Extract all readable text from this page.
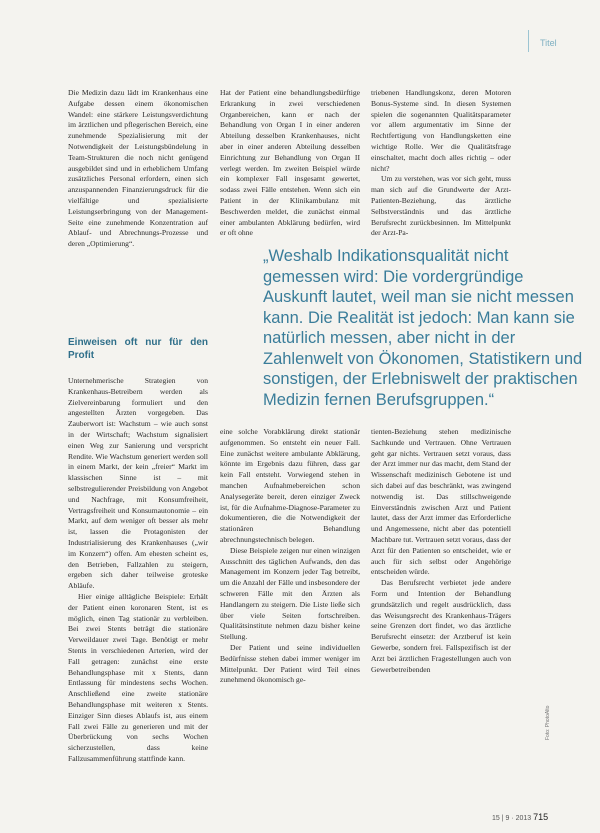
Titel

Die Medizin dazu lädt im Krankenhaus eine Aufgabe dessen einem ökonomischen Wandel: eine stärkere Leistungsverdichtung im ärztlichen und pflegerischen Bereich, eine zunehmende Spezialisierung mit der Notwendigkeit der Leistungsbündelung in Team-Strukturen die noch nicht genügend ausgebildet sind und in erheblichem Umfang zusätzliches Personal erfordern, einen sich anzuspannenden Finanzierungsdruck für die vielfältige und spezialisierte Leistungserbringung von der Management-Seite eine zunehmende Konzentration auf Ablauf- und Abrechnungs-Prozesse und deren „Optimierung“.

Einweisen oft nur für den Profit

Unternehmerische Strategien von Krankenhaus-Betreibern werden als Zielvereinbarung formuliert und den angestellten Ärzten vorgegeben. Das Zauberwort ist: Wachstum – wie auch sonst in der Wirtschaft; Wachstum signalisiert einen Weg zur Sanierung und verspricht Rendite. Wie Wachstum generiert werden soll in einem Markt, der kein „freier“ Markt im klassischen Sinne ist – mit selbstregulierender Preisbildung von Angebot und Nachfrage, mit Konsumfreiheit, Vertragsfreiheit und Konsumautonomie – ein Markt, auf dem weniger oft besser als mehr ist, lassen die Protagonisten der Industrialisierung des Krankenhauses („wir im Konzern“) offen. Am ehesten scheint es, den Betrieben, Fallzahlen zu steigern, ergeben sich daher teilweise groteske Abläufe.

Hier einige alltägliche Beispiele: Erhält der Patient einen koronaren Stent, ist es möglich, einen Tag stationär zu verbleiben. Bei zwei Stents beträgt die stationäre Verweildauer zwei Tage. Benötigt er mehr Stents in verschiedenen Arterien, wird der Fall getragen: zunächst eine erste Behandlungsphase mit x Stents, dann Entlassung für mindestens sechs Wochen. Anschließend eine zweite stationäre Behandlungsphase mit weiteren x Stents. Einziger Sinn dieses Ablaufs ist, aus einem Fall zwei Fälle zu generieren und mit der Überbrückung von sechs Wochen sicherzustellen, dass keine Fallzusammenführung stattfinde kann.

Hat der Patient eine behandlungsbedürftige Erkrankung in zwei verschiedenen Organbereichen, kann er nach der Behandlung von Organ I in einer anderen Abteilung desselben Krankenhauses, nicht aber in einer anderen Abteilung desselben Einrichtung zur Behandlung von Organ II verlegt werden. Im zweiten Beispiel würde ein komplexer Fall insgesamt gewertet, sodass zwei Fälle entstehen. Wenn sich ein Patient in der Klinikambulanz mit Beschwerden meldet, die zunächst einmal einer ambulanten Abklärung bedürfen, wird er oft ohne

triebenen Handlungskonz, deren Motoren Bonus-Systeme sind. In diesen Systemen spielen die sogenannten Qualitätsparameter vor allem argumentativ im Sinne der Rechtfertigung von Handlungsketten eine wichtige Rolle. Wer die Qualitätsfrage einschaltet, macht doch alles richtig – oder nicht?

Um zu verstehen, was vor sich geht, muss man sich auf die Grundwerte der Arzt-Patienten-Beziehung, das ärztliche Selbstverständnis und das ärztliche Berufsrecht zurückbesinnen. Im Mittelpunkt der Arzt-Pa-

„Weshalb Indikationsqualität nicht gemessen wird: Die vordergründige Auskunft lautet, weil man sie nicht messen kann. Die Realität ist jedoch: Man kann sie natürlich messen, aber nicht in der Zahlenwelt von Ökonomen, Statistikern und sonstigen, der Erlebniswelt der praktischen Medizin fernen Berufsgruppen.“

eine solche Vorabklärung direkt stationär aufgenommen. So entsteht ein neuer Fall. Eine zunächst weitere ambulante Abklärung, könnte im Ergebnis dazu führen, dass gar kein Fall entsteht. Vorwiegend stehen in manchen Aufnahmebereichen schon Analysegeräte bereit, deren einziger Zweck ist, für die Aufnahme-Diagnose-Parameter zu dokumentieren, die die Notwendigkeit der stationären Behandlung abrechnungstechnisch belegen.

Diese Beispiele zeigen nur einen winzigen Ausschnitt des täglichen Aufwands, den das Management im Konzern jeder Tag betreibt, um die Anzahl der Fälle und insbesondere der schweren Fälle mit den Ärzten als Handlangern zu steigern. Die Liste ließe sich über viele Seiten fortschreiben. Qualitätsinstitute nehmen dazu bisher keine Stellung.

Der Patient und seine individuellen Bedürfnisse stehen dabei immer weniger im Mittelpunkt. Der Patient wird Teil eines zunehmend ökonomisch ge-

tienten-Beziehung stehen medizinische Sachkunde und Vertrauen. Ohne Vertrauen geht gar nichts. Vertrauen setzt voraus, dass der Arzt immer nur das macht, dem Stand der Wissenschaft medizinisch Gebotene ist und sich dabei auf das beschränkt, was zwingend notwendig ist. Das stillschweigende Einverständnis zwischen Arzt und Patient lautet, dass der Arzt immer das Erforderliche und Angemessene, nicht aber das potentiell Machbare tut. Vertrauen setzt voraus, dass der Arzt für den Patienten so entscheidet, wie er auch für sich selbst oder Angehörige entscheiden würde.

Das Berufsrecht verbietet jede andere Form und Intention der Behandlung grundsätzlich und regelt ausdrücklich, dass das Weisungsrecht des Krankenhaus-Trägers seine Grenzen dort findet, wo das ärztliche Berufsrecht einsetzt: der Arztberuf ist kein Gewerbe, sondern frei. Fallspezifisch ist der Arzt bei ärztlichen Fragestellungen auch von Gewerbetreibenden

Foto: PhotoAlto
15 | 9 · 2013 715
